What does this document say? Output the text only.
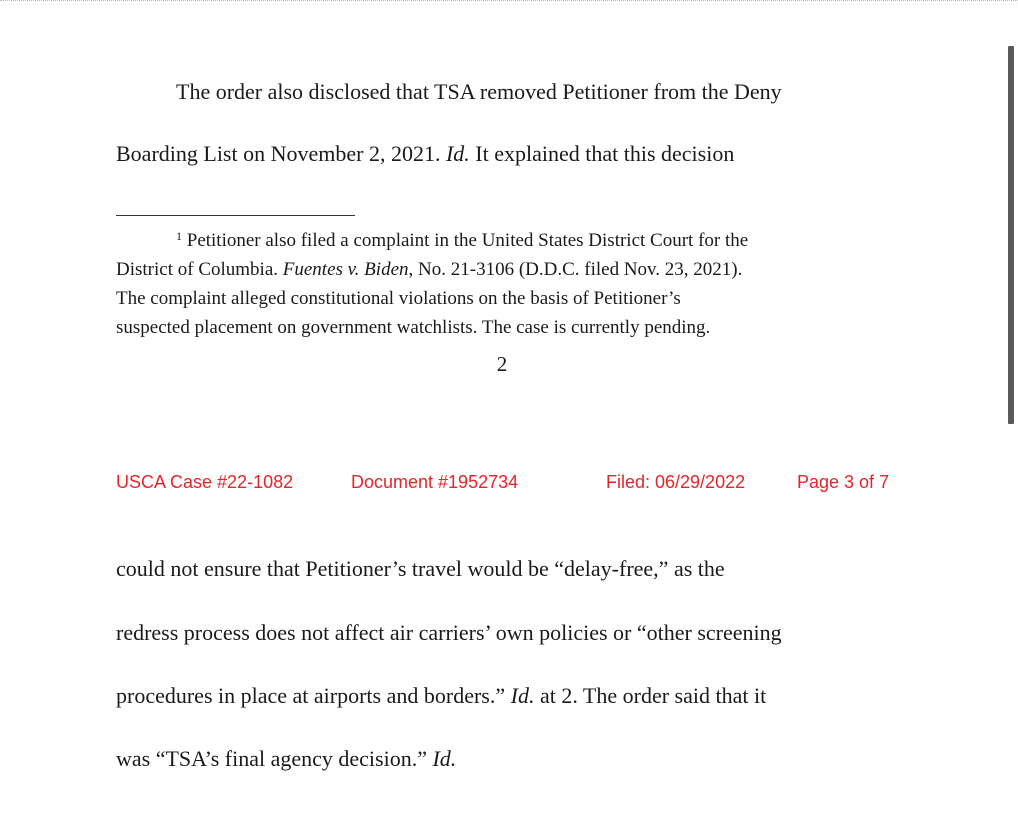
The order also disclosed that TSA removed Petitioner from the Deny
Boarding List on November 2, 2021. Id. It explained that this decision
$^1$ Petitioner also filed a complaint in the United States District Court for the
District of Columbia. Fuentes v. Biden, No. 21-3106 (D.D.C. filed Nov. 23, 2021).
The complaint alleged constitutional violations on the basis of Petitioner’s
suspected placement on government watchlists. The case is currently pending.
2
USCA Case #22-1082	Document #1952734	Filed: 06/29/2022	Page 3 of 7
could not ensure that Petitioner’s travel would be “delay-free,” as the
redress process does not affect air carriers’ own policies or “other screening
procedures in place at airports and borders.” Id. at 2. The order said that it
was “TSA’s final agency decision.” Id.
